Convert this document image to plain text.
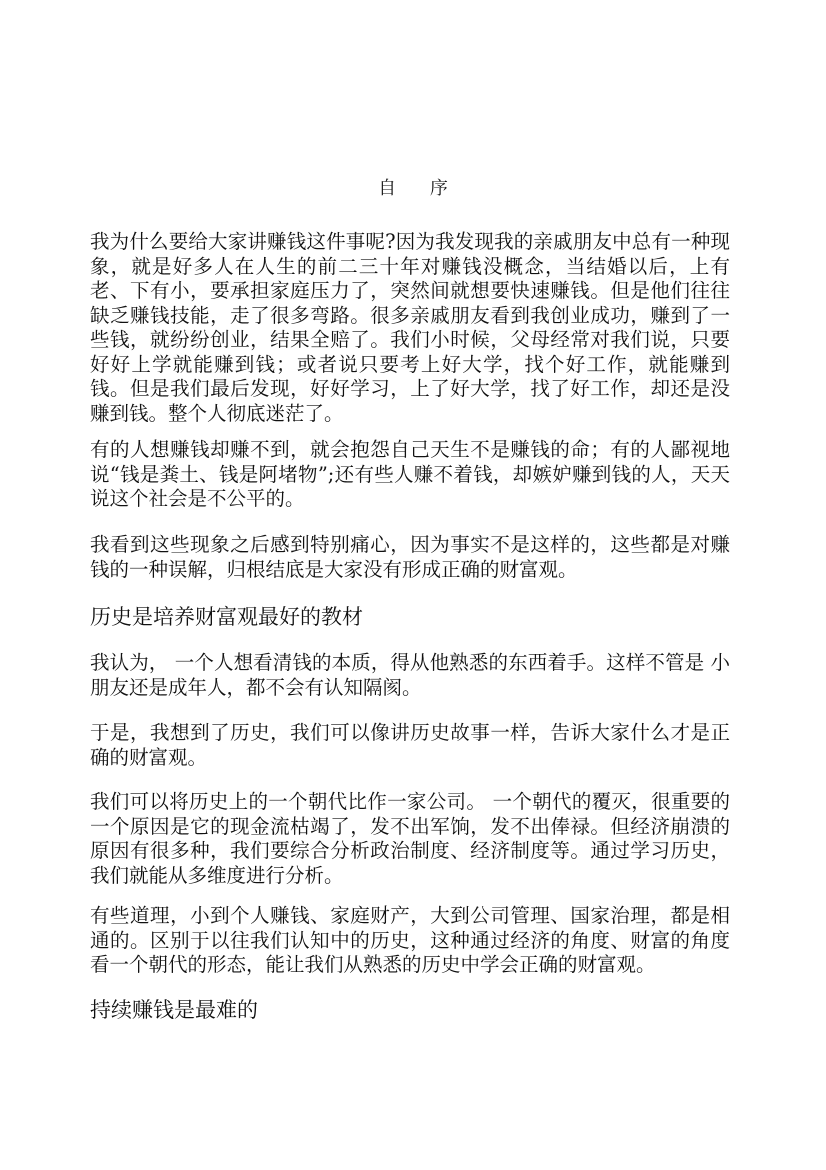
自 序

我为什么要给大家讲赚钱这件事呢?因为我发现我的亲戚朋友中总有一种现象，就是好多人在人生的前二三十年对赚钱没概念，当结婚以后，上有老、下有小，要承担家庭压力了，突然间就想要快速赚钱。但是他们往往缺乏赚钱技能，走了很多弯路。很多亲戚朋友看到我创业成功，赚到了一些钱，就纷纷创业，结果全赔了。我们小时候，父母经常对我们说，只要好好上学就能赚到钱；或者说只要考上好大学，找个好工作，就能赚到钱。但是我们最后发现，好好学习，上了好大学，找了好工作，却还是没赚到钱。整个人彻底迷茫了。

有的人想赚钱却赚不到，就会抱怨自己天生不是赚钱的命；有的人鄙视地说“钱是粪土、钱是阿堵物”;还有些人赚不着钱，却嫉妒赚到钱的人，天天说这个社会是不公平的。

我看到这些现象之后感到特别痛心，因为事实不是这样的，这些都是对赚钱的一种误解，归根结底是大家没有形成正确的财富观。

历史是培养财富观最好的教材

我认为， 一个人想看清钱的本质，得从他熟悉的东西着手。这样不管是 小朋友还是成年人，都不会有认知隔阂。

于是，我想到了历史，我们可以像讲历史故事一样，告诉大家什么才是正确的财富观。

我们可以将历史上的一个朝代比作一家公司。 一个朝代的覆灭，很重要的一个原因是它的现金流枯竭了，发不出军饷，发不出俸禄。但经济崩溃的原因有很多种，我们要综合分析政治制度、经济制度等。通过学习历史，我们就能从多维度进行分析。

有些道理，小到个人赚钱、家庭财产，大到公司管理、国家治理，都是相通的。区别于以往我们认知中的历史，这种通过经济的角度、财富的角度看一个朝代的形态，能让我们从熟悉的历史中学会正确的财富观。

持续赚钱是最难的
